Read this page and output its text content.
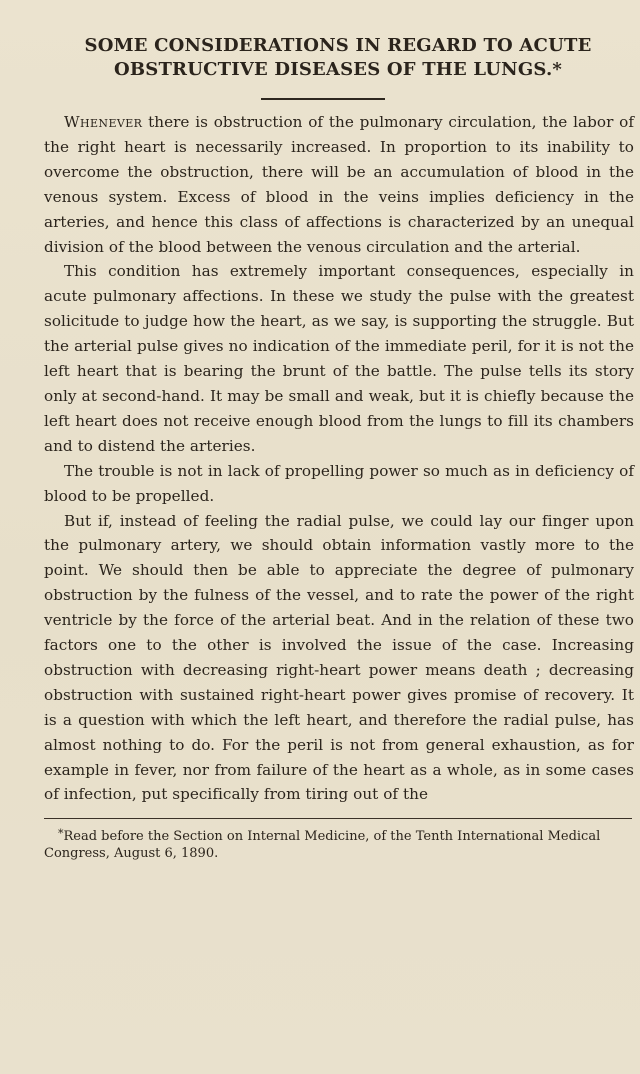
SOME CONSIDERATIONS IN REGARD TO ACUTE
OBSTRUCTIVE DISEASES OF THE LUNGS.*

Whenever there is obstruction of the pulmonary circulation, the labor of the right heart is necessarily increased. In proportion to its inability to overcome the obstruction, there will be an accumulation of blood in the venous system. Excess of blood in the veins implies deficiency in the arteries, and hence this class of affections is characterized by an unequal division of the blood between the venous circulation and the arterial.

This condition has extremely important consequences, especially in acute pulmonary affections. In these we study the pulse with the greatest solicitude to judge how the heart, as we say, is supporting the struggle. But the arterial pulse gives no indication of the immediate peril, for it is not the left heart that is bearing the brunt of the battle. The pulse tells its story only at second-hand. It may be small and weak, but it is chiefly because the left heart does not receive enough blood from the lungs to fill its chambers and to distend the arteries.

The trouble is not in lack of propelling power so much as in deficiency of blood to be propelled.

But if, instead of feeling the radial pulse, we could lay our finger upon the pulmonary artery, we should obtain information vastly more to the point. We should then be able to appreciate the degree of pulmonary obstruction by the fulness of the vessel, and to rate the power of the right ventricle by the force of the arterial beat. And in the relation of these two factors one to the other is involved the issue of the case. Increasing obstruction with decreasing right-heart power means death ; decreasing obstruction with sustained right-heart power gives promise of recovery. It is a question with which the left heart, and therefore the radial pulse, has almost nothing to do. For the peril is not from general exhaustion, as for example in fever, nor from failure of the heart as a whole, as in some cases of infection, put specifically from tiring out of the

*Read before the Section on Internal Medicine, of the Tenth International Medical Congress, August 6, 1890.
